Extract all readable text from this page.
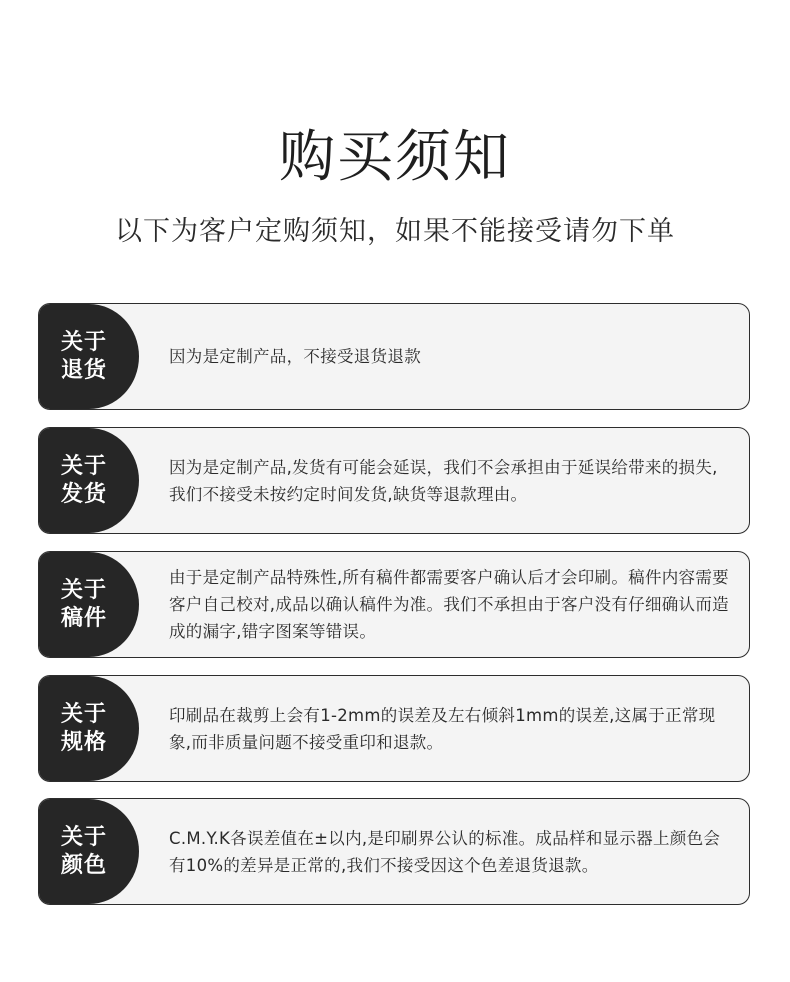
购买须知
以下为客户定购须知，如果不能接受请勿下单
关于退货
因为是定制产品，不接受退货退款
关于发货
因为是定制产品,发货有可能会延误，我们不会承担由于延误给带来的损失,我们不接受未按约定时间发货,缺货等退款理由。
关于稿件
由于是定制产品特殊性,所有稿件都需要客户确认后才会印刷。稿件内容需要客户自己校对,成品以确认稿件为准。我们不承担由于客户没有仔细确认而造成的漏字,错字图案等错误。
关于规格
印刷品在裁剪上会有1-2mm的误差及左右倾斜1mm的误差,这属于正常现象,而非质量问题不接受重印和退款。
关于颜色
C.M.Y.K各误差值在±以内,是印刷界公认的标准。成品样和显示器上颜色会有10%的差异是正常的,我们不接受因这个色差退货退款。
